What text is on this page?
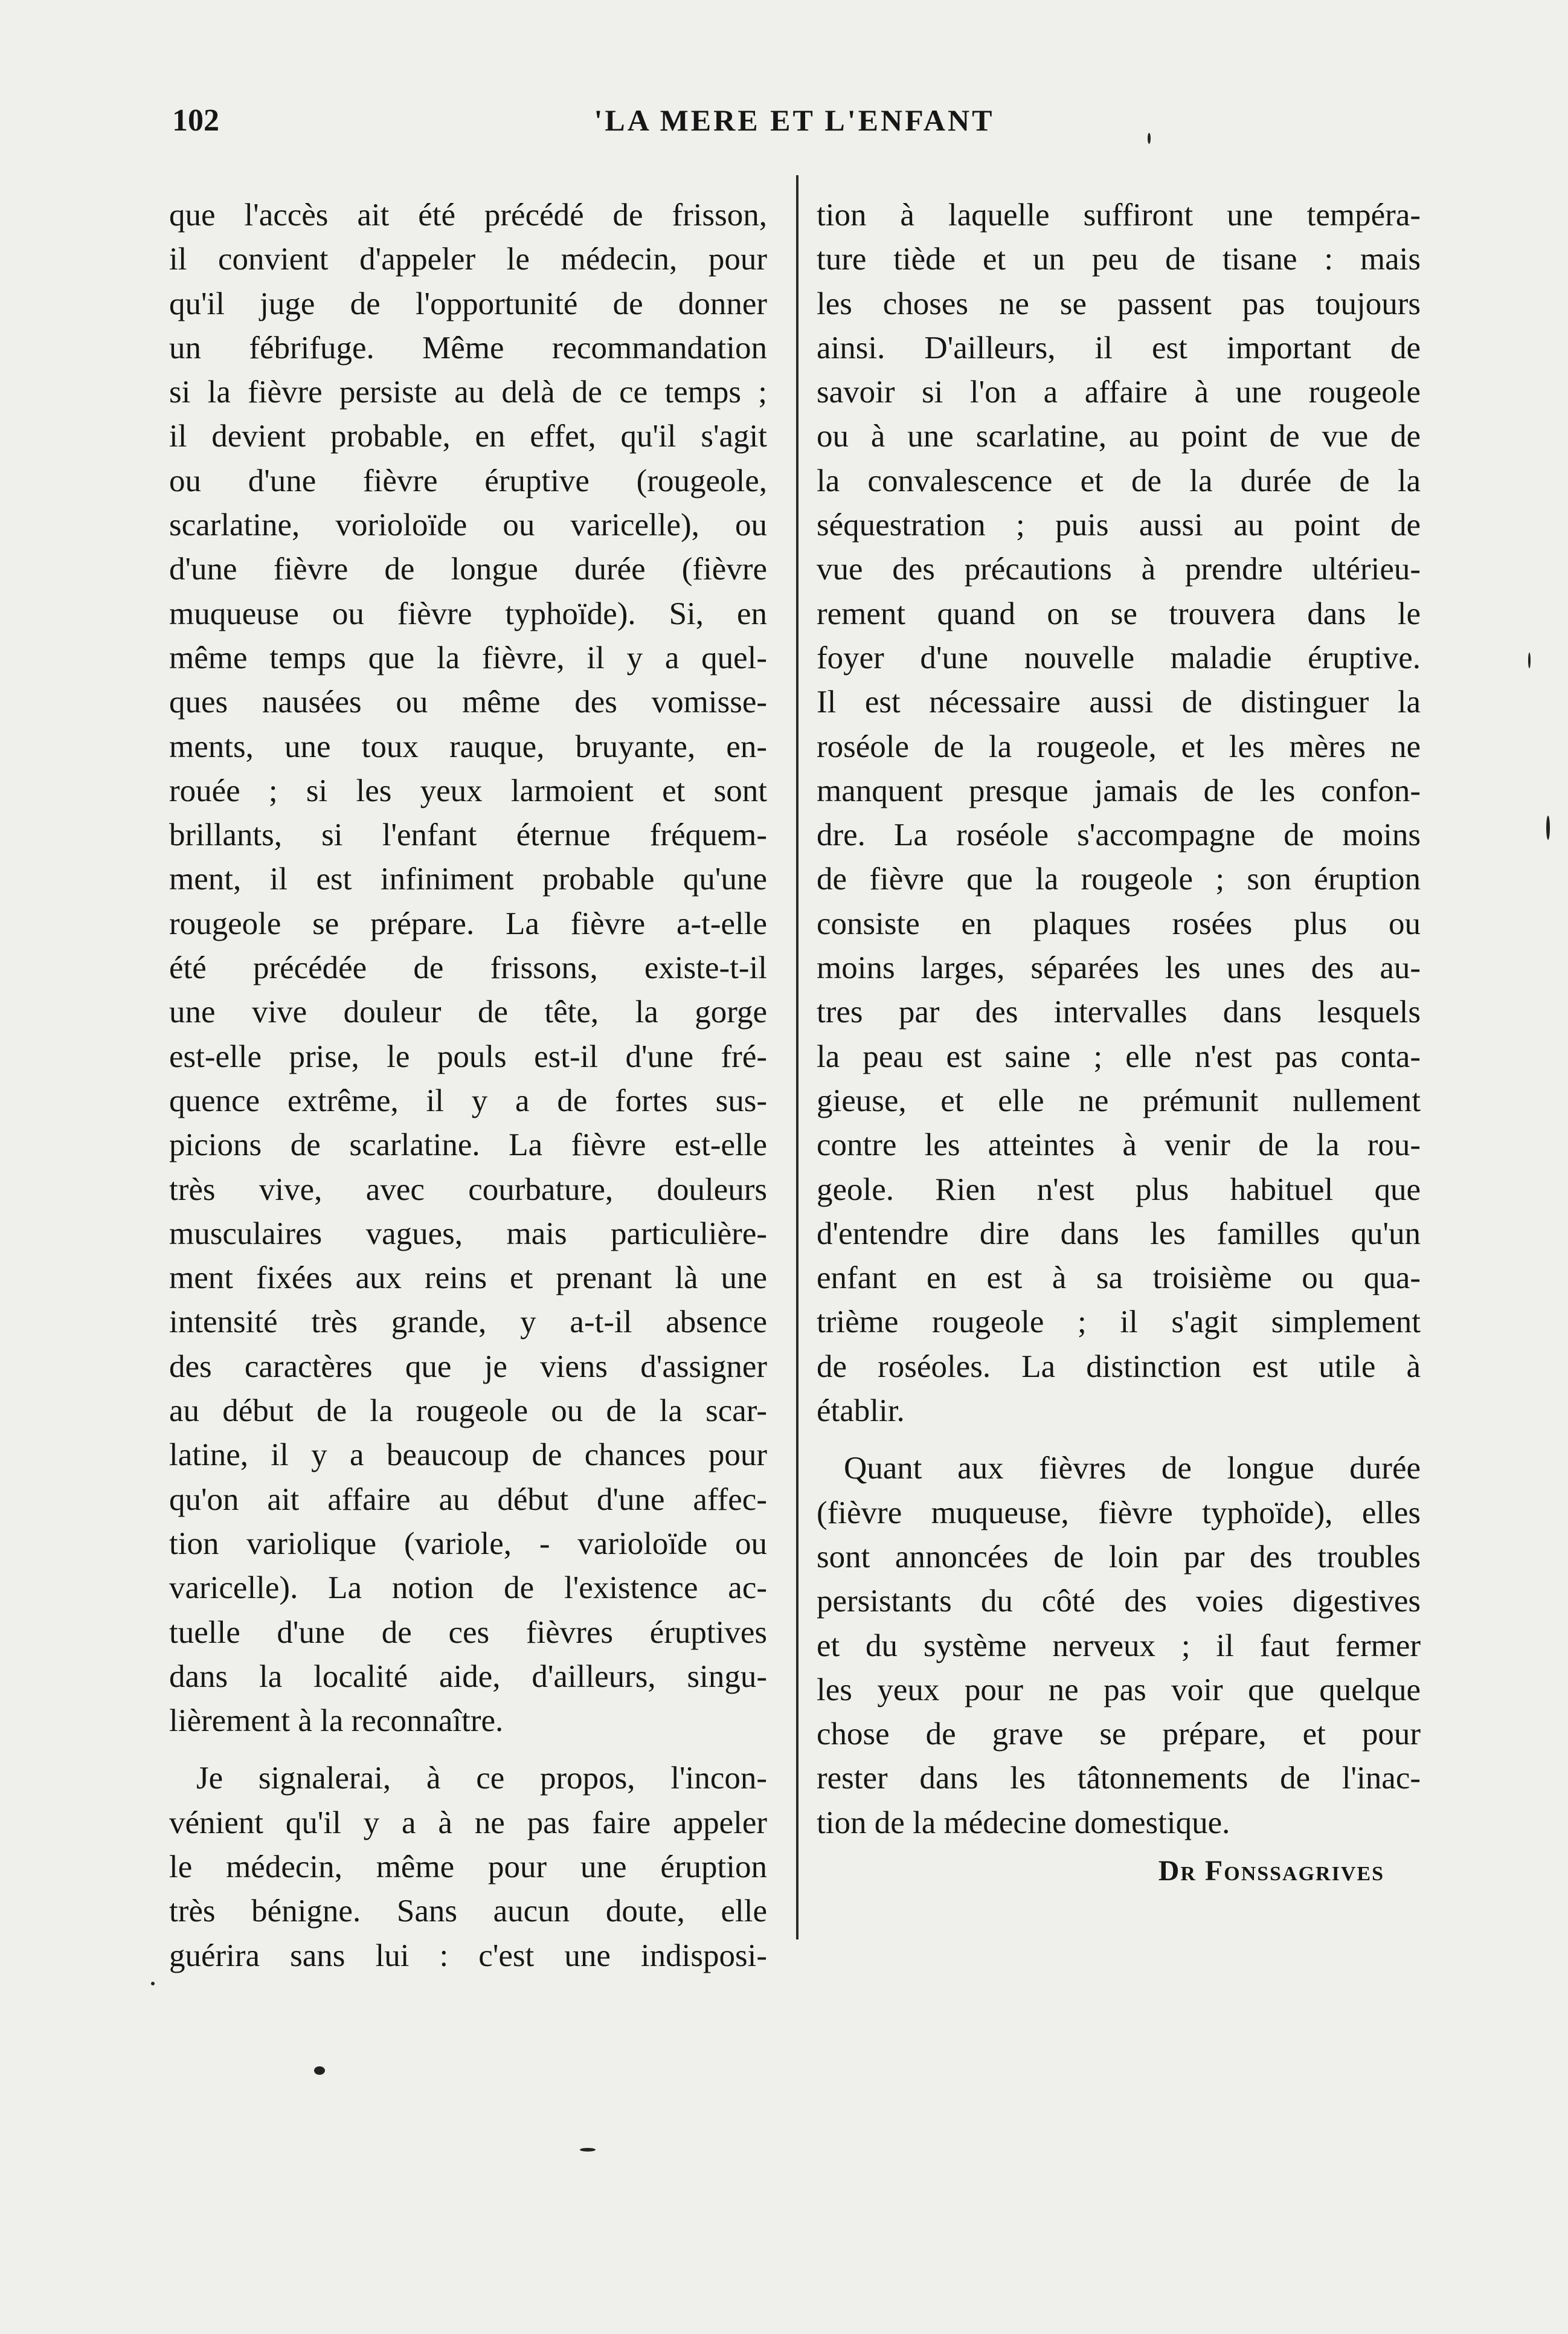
102	'LA MERE ET L'ENFANT
que l'accès ait été précédé de frisson,
il convient d'appeler le médecin, pour
qu'il juge de l'opportunité de donner
un fébrifuge. Même recommandation
si la fièvre persiste au delà de ce temps ;
il devient probable, en effet, qu'il s'agit
ou d'une fièvre éruptive (rougeole,
scarlatine, vorioloïde ou varicelle), ou
d'une fièvre de longue durée (fièvre
muqueuse ou fièvre typhoïde). Si, en
même temps que la fièvre, il y a quel-
ques nausées ou même des vomisse-
ments, une toux rauque, bruyante, en-
rouée ; si les yeux larmoient et sont
brillants, si l'enfant éternue fréquem-
ment, il est infiniment probable qu'une
rougeole se prépare. La fièvre a-t-elle
été précédée de frissons, existe-t-il
une vive douleur de tête, la gorge
est-elle prise, le pouls est-il d'une fré-
quence extrême, il y a de fortes sus-
picions de scarlatine. La fièvre est-elle
très vive, avec courbature, douleurs
musculaires vagues, mais particulière-
ment fixées aux reins et prenant là une
intensité très grande, y a-t-il absence
des caractères que je viens d'assigner
au début de la rougeole ou de la scar-
latine, il y a beaucoup de chances pour
qu'on ait affaire au début d'une affec-
tion variolique (variole, - varioloïde ou
varicelle). La notion de l'existence ac-
tuelle d'une de ces fièvres éruptives
dans la localité aide, d'ailleurs, singu-
lièrement à la reconnaître.
Je signalerai, à ce propos, l'incon-
vénient qu'il y a à ne pas faire appeler
le médecin, même pour une éruption
très bénigne. Sans aucun doute, elle
guérira sans lui : c'est une indisposi-
tion à laquelle suffiront une tempéra-
ture tiède et un peu de tisane : mais
les choses ne se passent pas toujours
ainsi. D'ailleurs, il est important de
savoir si l'on a affaire à une rougeole
ou à une scarlatine, au point de vue de
la convalescence et de la durée de la
séquestration ; puis aussi au point de
vue des précautions à prendre ultérieu-
rement quand on se trouvera dans le
foyer d'une nouvelle maladie éruptive.
Il est nécessaire aussi de distinguer la
roséole de la rougeole, et les mères ne
manquent presque jamais de les confon-
dre. La roséole s'accompagne de moins
de fièvre que la rougeole ; son éruption
consiste en plaques rosées plus ou
moins larges, séparées les unes des au-
tres par des intervalles dans lesquels
la peau est saine ; elle n'est pas conta-
gieuse, et elle ne prémunit nullement
contre les atteintes à venir de la rou-
geole. Rien n'est plus habituel que
d'entendre dire dans les familles qu'un
enfant en est à sa troisième ou qua-
trième rougeole ; il s'agit simplement
de roséoles. La distinction est utile à
établir.
Quant aux fièvres de longue durée
(fièvre muqueuse, fièvre typhoïde), elles
sont annoncées de loin par des troubles
persistants du côté des voies digestives
et du système nerveux ; il faut fermer
les yeux pour ne pas voir que quelque
chose de grave se prépare, et pour
rester dans les tâtonnements de l'inac-
tion de la médecine domestique.
Dr Fonssagrives
